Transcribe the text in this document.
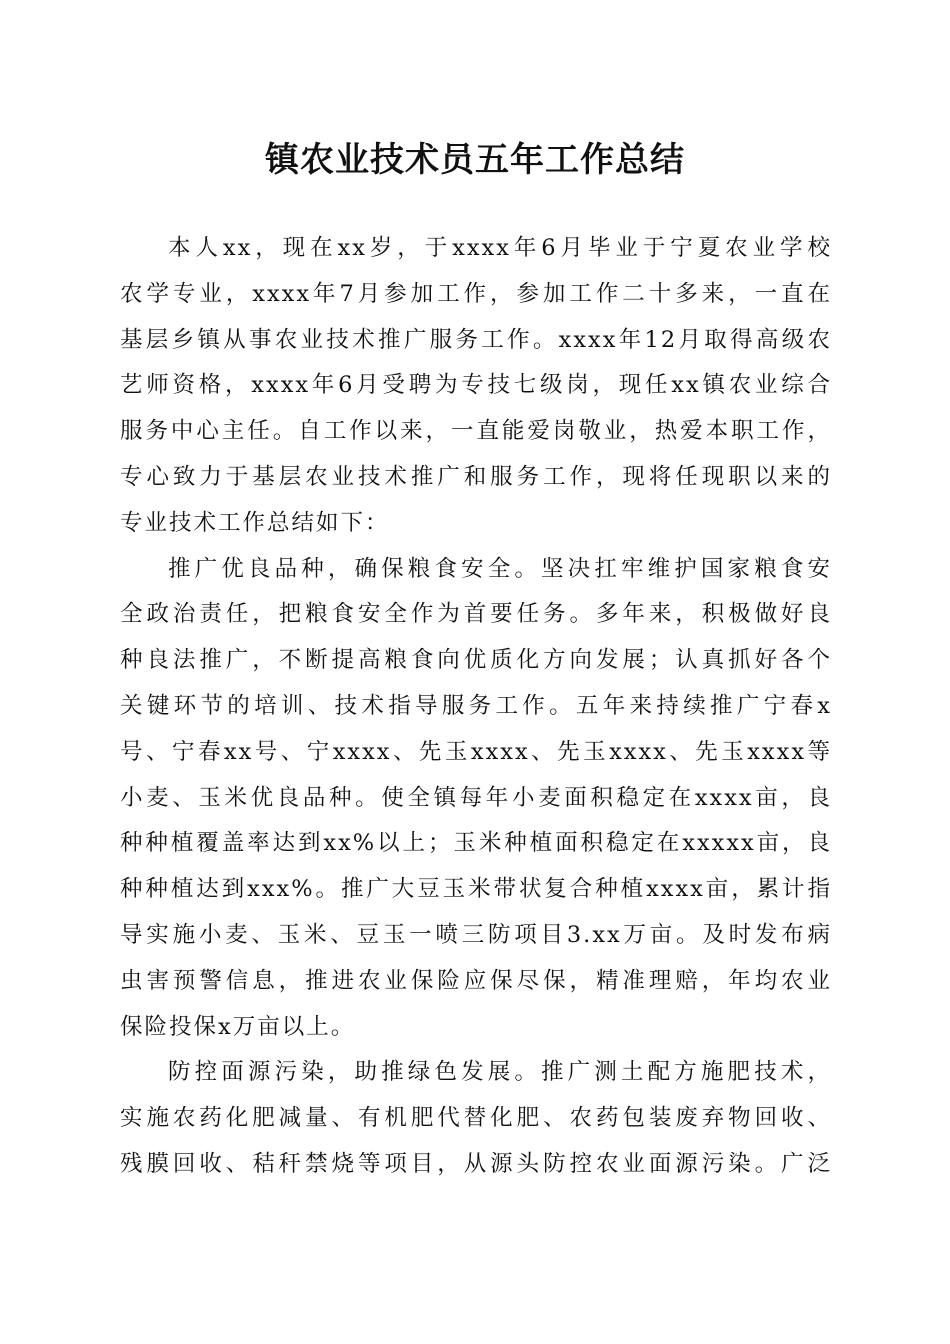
镇农业技术员五年工作总结
本人xx，现在xx岁，于xxxx年6月毕业于宁夏农业学校
农学专业，xxxx年7月参加工作，参加工作二十多来，一直在
基层乡镇从事农业技术推广服务工作。xxxx年12月取得高级农
艺师资格，xxxx年6月受聘为专技七级岗，现任xx镇农业综合
服务中心主任。自工作以来，一直能爱岗敬业，热爱本职工作，
专心致力于基层农业技术推广和服务工作，现将任现职以来的
专业技术工作总结如下：
推广优良品种，确保粮食安全。坚决扛牢维护国家粮食安
全政治责任，把粮食安全作为首要任务。多年来，积极做好良
种良法推广，不断提高粮食向优质化方向发展；认真抓好各个
关键环节的培训、技术指导服务工作。五年来持续推广宁春x
号、宁春xx号、宁xxxx、先玉xxxx、先玉xxxx、先玉xxxx等
小麦、玉米优良品种。使全镇每年小麦面积稳定在xxxx亩，良
种种植覆盖率达到xx%以上；玉米种植面积稳定在xxxxx亩，良
种种植达到xxx%。推广大豆玉米带状复合种植xxxx亩，累计指
导实施小麦、玉米、豆玉一喷三防项目3.xx万亩。及时发布病
虫害预警信息，推进农业保险应保尽保，精准理赔，年均农业
保险投保x万亩以上。
防控面源污染，助推绿色发展。推广测土配方施肥技术，
实施农药化肥减量、有机肥代替化肥、农药包装废弃物回收、
残膜回收、秸秆禁烧等项目，从源头防控农业面源污染。广泛
